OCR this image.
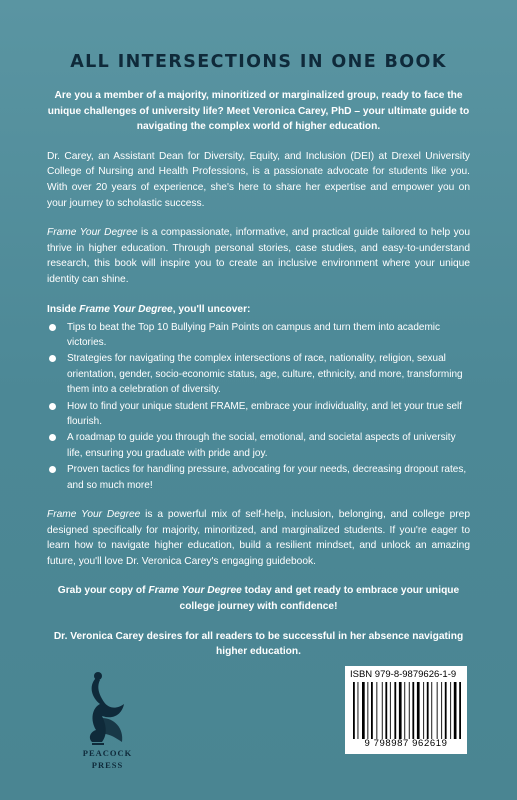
ALL INTERSECTIONS IN ONE BOOK

Are you a member of a majority, minoritized or marginalized group, ready to face the unique challenges of university life? Meet Veronica Carey, PhD – your ultimate guide to navigating the complex world of higher education.

Dr. Carey, an Assistant Dean for Diversity, Equity, and Inclusion (DEI) at Drexel University College of Nursing and Health Professions, is a passionate advocate for students like you. With over 20 years of experience, she's here to share her expertise and empower you on your journey to scholastic success.

Frame Your Degree is a compassionate, informative, and practical guide tailored to help you thrive in higher education. Through personal stories, case studies, and easy-to-understand research, this book will inspire you to create an inclusive environment where your unique identity can shine.

Inside Frame Your Degree, you'll uncover:

Tips to beat the Top 10 Bullying Pain Points on campus and turn them into academic victories.
Strategies for navigating the complex intersections of race, nationality, religion, sexual orientation, gender, socio-economic status, age, culture, ethnicity, and more, transforming them into a celebration of diversity.
How to find your unique student FRAME, embrace your individuality, and let your true self flourish.
A roadmap to guide you through the social, emotional, and societal aspects of university life, ensuring you graduate with pride and joy.
Proven tactics for handling pressure, advocating for your needs, decreasing dropout rates, and so much more!

Frame Your Degree is a powerful mix of self-help, inclusion, belonging, and college prep designed specifically for majority, minoritized, and marginalized students. If you're eager to learn how to navigate higher education, build a resilient mindset, and unlock an amazing future, you'll love Dr. Veronica Carey's engaging guidebook.

Grab your copy of Frame Your Degree today and get ready to embrace your unique college journey with confidence!

Dr. Veronica Carey desires for all readers to be successful in her absence navigating higher education.

PEACOCK
PRESS
ISBN 979-8-9879626-1-9
9 798987 962619
